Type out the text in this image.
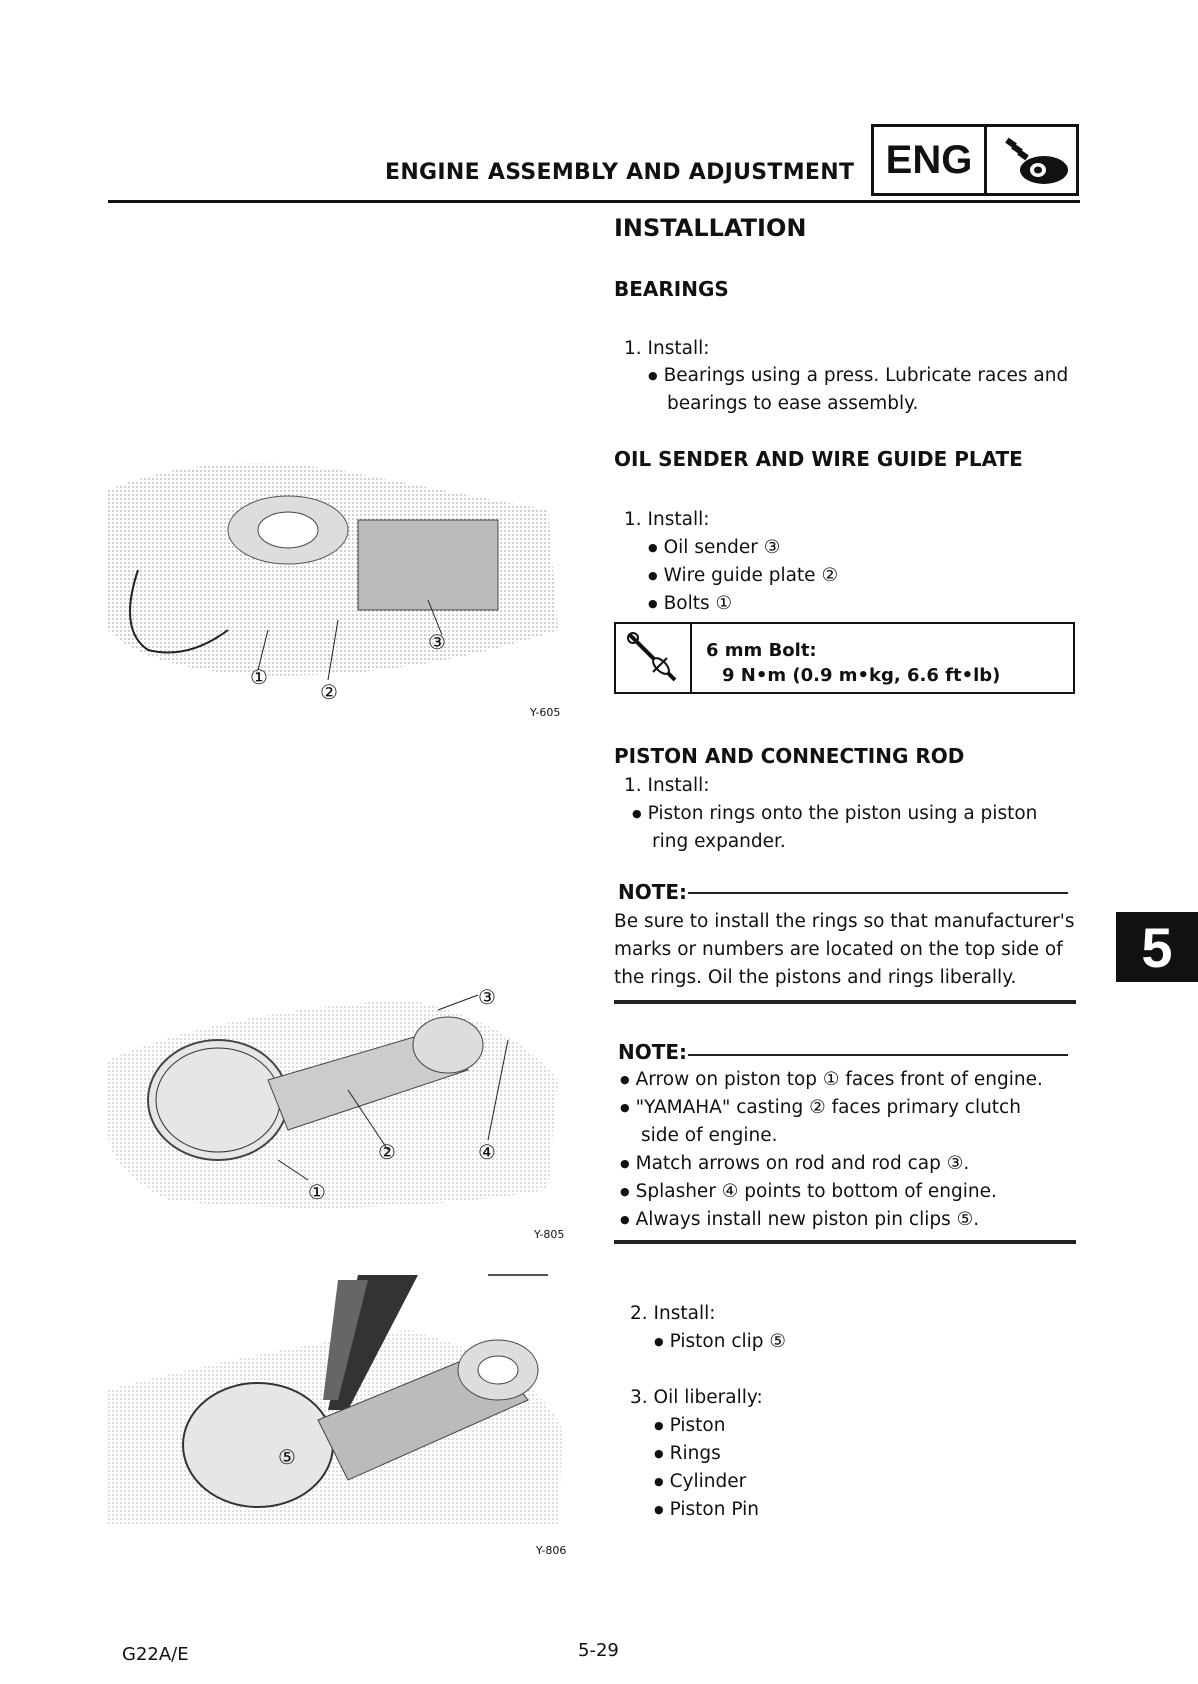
ENGINE ASSEMBLY AND ADJUSTMENT ENG
INSTALLATION
BEARINGS
1. Install:
● Bearings using a press. Lubricate races and
bearings to ease assembly.
OIL SENDER AND WIRE GUIDE PLATE
1. Install:
● Oil sender ③
● Wire guide plate ②
● Bolts ①
6 mm Bolt:
9 N•m (0.9 m•kg, 6.6 ft•lb)
①
②
③
Y-605
PISTON AND CONNECTING ROD
1. Install:
● Piston rings onto the piston using a piston
ring expander.
NOTE:
Be sure to install the rings so that manufacturer's
marks or numbers are located on the top side of
the rings. Oil the pistons and rings liberally.
NOTE:
● Arrow on piston top ① faces front of engine.
● "YAMAHA" casting ② faces primary clutch
side of engine.
● Match arrows on rod and rod cap ③.
● Splasher ④ points to bottom of engine.
● Always install new piston pin clips ⑤.
2. Install:
● Piston clip ⑤
3. Oil liberally:
● Piston
● Rings
● Cylinder
● Piston Pin
③
②	④
①
Y-805
⑤
Y-806
5
G22A/E	5-29
